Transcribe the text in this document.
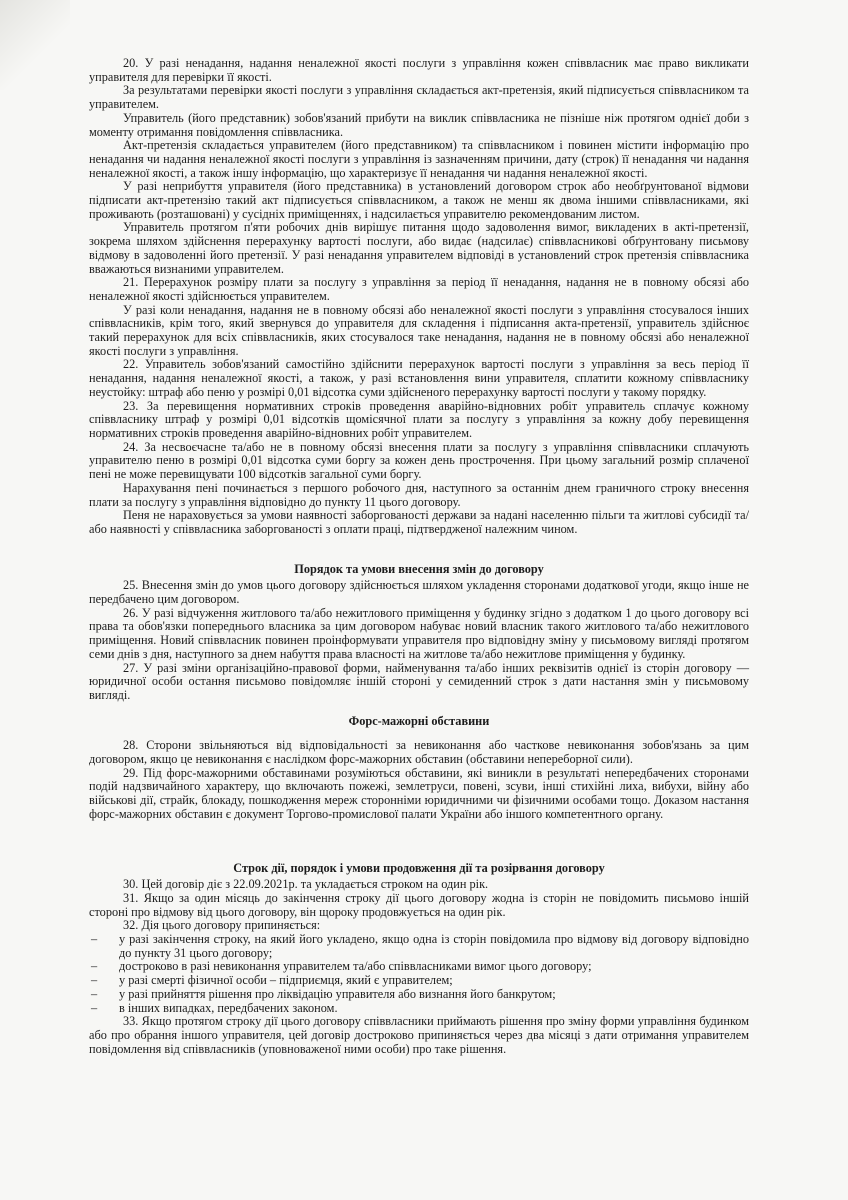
20. У разі ненадання, надання неналежної якості послуги з управління кожен співвласник має право викликати управителя для перевірки її якості.

За результатами перевірки якості послуги з управління складається акт-претензія, який підписується співвласником та управителем.

Управитель (його представник) зобов'язаний прибути на виклик співвласника не пізніше ніж протягом однієї доби з моменту отримання повідомлення співвласника.

Акт-претензія складається управителем (його представником) та співвласником і повинен містити інформацію про ненадання чи надання неналежної якості послуги з управління із зазначенням причини, дату (строк) її ненадання чи надання неналежної якості, а також іншу інформацію, що характеризує її ненадання чи надання неналежної якості.

У разі неприбуття управителя (його представника) в установлений договором строк або необґрунтованої відмови підписати акт-претензію такий акт підписується співвласником, а також не менш як двома іншими співвласниками, які проживають (розташовані) у сусідніх приміщеннях, і надсилається управителю рекомендованим листом.

Управитель протягом п'яти робочих днів вирішує питання щодо задоволення вимог, викладених в акті-претензії, зокрема шляхом здійснення перерахунку вартості послуги, або видає (надсилає) співвласникові обґрунтовану письмову відмову в задоволенні його претензії. У разі ненадання управителем відповіді в установлений строк претензія співвласника вважаються визнаними управителем.

21. Перерахунок розміру плати за послугу з управління за період її ненадання, надання не в повному обсязі або неналежної якості здійснюється управителем.

У разі коли ненадання, надання не в повному обсязі або неналежної якості послуги з управління стосувалося інших співвласників, крім того, який звернувся до управителя для складення і підписання акта-претензії, управитель здійснює такий перерахунок для всіх співвласників, яких стосувалося таке ненадання, надання не в повному обсязі або неналежної якості послуги з управління.

22. Управитель зобов'язаний самостійно здійснити перерахунок вартості послуги з управління за весь період її ненадання, надання неналежної якості, а також, у разі встановлення вини управителя, сплатити кожному співвласнику неустойку: штраф або пеню у розмірі 0,01 відсотка суми здійсненого перерахунку вартості послуги у такому порядку.

23. За перевищення нормативних строків проведення аварійно-відновних робіт управитель сплачує кожному співвласнику штраф у розмірі 0,01 відсотків щомісячної плати за послугу з управління за кожну добу перевищення нормативних строків проведення аварійно-відновних робіт управителем.

24. За несвоєчасне та/або не в повному обсязі внесення плати за послугу з управління співвласники сплачують управителю пеню в розмірі 0,01 відсотка суми боргу за кожен день прострочення. При цьому загальний розмір сплаченої пені не може перевищувати 100 відсотків загальної суми боргу.

Нарахування пені починається з першого робочого дня, наступного за останнім днем граничного строку внесення плати за послугу з управління відповідно до пункту 11 цього договору.

Пеня не нараховується за умови наявності заборгованості держави за надані населенню пільги та житлові субсидії та/або наявності у співвласника заборгованості з оплати праці, підтвердженої належним чином.

Порядок та умови внесення змін до договору

25. Внесення змін до умов цього договору здійснюється шляхом укладення сторонами додаткової угоди, якщо інше не передбачено цим договором.

26. У разі відчуження житлового та/або нежитлового приміщення у будинку згідно з додатком 1 до цього договору всі права та обов'язки попереднього власника за цим договором набуває новий власник такого житлового та/або нежитлового приміщення. Новий співвласник повинен проінформувати управителя про відповідну зміну у письмовому вигляді протягом семи днів з дня, наступного за днем набуття права власності на житлове та/або нежитлове приміщення у будинку.

27. У разі зміни організаційно-правової форми, найменування та/або інших реквізитів однієї із сторін договору — юридичної особи остання письмово повідомляє іншій стороні у семиденний строк з дати настання змін у письмовому вигляді.

Форс-мажорні обставини

28. Сторони звільняються від відповідальності за невиконання або часткове невиконання зобов'язань за цим договором, якщо це невиконання є наслідком форс-мажорних обставин (обставини непереборної сили).

29. Під форс-мажорними обставинами розуміються обставини, які виникли в результаті непередбачених сторонами подій надзвичайного характеру, що включають пожежі, землетруси, повені, зсуви, інші стихійні лиха, вибухи, війну або військові дії, страйк, блокаду, пошкодження мереж сторонніми юридичними чи фізичними особами тощо. Доказом настання форс-мажорних обставин є документ Торгово-промислової палати України або іншого компетентного органу.

Строк дії, порядок і умови продовження дії та розірвання договору

30. Цей договір діє з 22.09.2021р. та укладається строком на один рік.

31. Якщо за один місяць до закінчення строку дії цього договору жодна із сторін не повідомить письмово іншій стороні про відмову від цього договору, він щороку продовжується на один рік.

32. Дія цього договору припиняється:

– у разі закінчення строку, на який його укладено, якщо одна із сторін повідомила про відмову від договору відповідно до пункту 31 цього договору;
– достроково в разі невиконання управителем та/або співвласниками вимог цього договору;
– у разі смерті фізичної особи – підприємця, який є управителем;
– у разі прийняття рішення про ліквідацію управителя або визнання його банкрутом;
– в інших випадках, передбачених законом.

33. Якщо протягом строку дії цього договору співвласники приймають рішення про зміну форми управління будинком або про обрання іншого управителя, цей договір достроково припиняється через два місяці з дати отримання управителем повідомлення від співвласників (уповноваженої ними особи) про таке рішення.
